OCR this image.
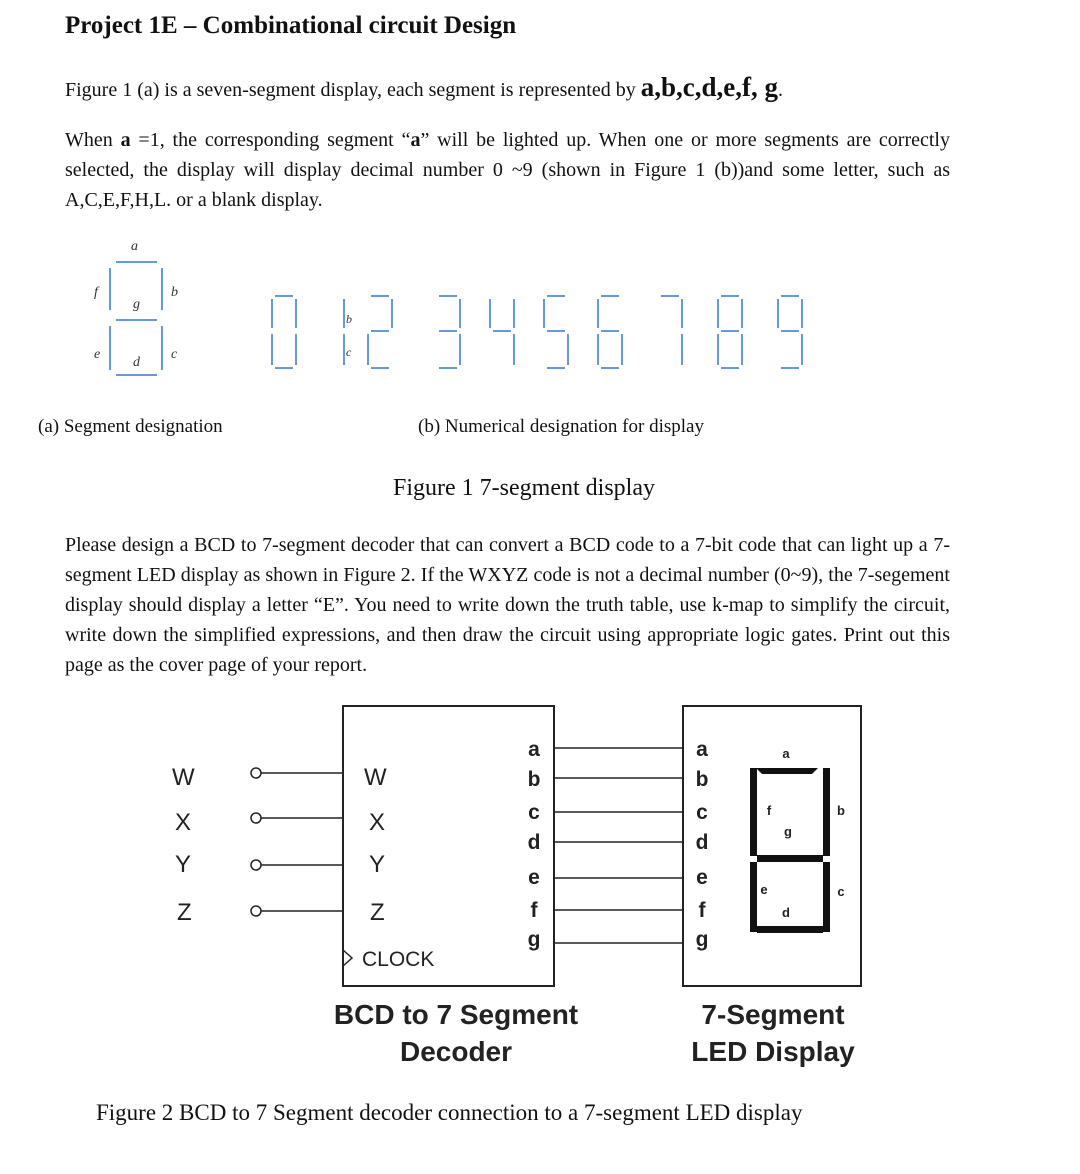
Project 1E – Combinational circuit Design
Figure 1 (a) is a seven-segment display, each segment is represented by a,b,c,d,e,f, g.
When a =1, the corresponding segment “a” will be lighted up. When one or more segments are correctly selected, the display will display decimal number 0 ~9 (shown in Figure 1 (b))and some letter, such as A,C,E,F,H,L. or a blank display.
a
f	b
g
e	c
d
b
c
(a) Segment designation	(b) Numerical designation for display
Figure 1 7-segment display
Please design a BCD to 7-segment decoder that can convert a BCD code to a 7-bit code that can light up a 7-segment LED display as shown in Figure 2. If the WXYZ code is not a decimal number (0~9), the 7-segement display should display a letter “E”. You need to write down the truth table, use k-map to simplify the circuit, write down the simplified expressions, and then draw the circuit using appropriate logic gates. Print out this page as the cover page of your report.
W
X
Y
Z
W
X
Y
Z
CLOCK
a
b
c
d
e
f
g
a
b
c
d
e
f
g
a
b
f
g
e	c
d
BCD to 7 Segment
Decoder
7-Segment
LED Display
Figure 2 BCD to 7 Segment decoder connection to a 7-segment LED display
